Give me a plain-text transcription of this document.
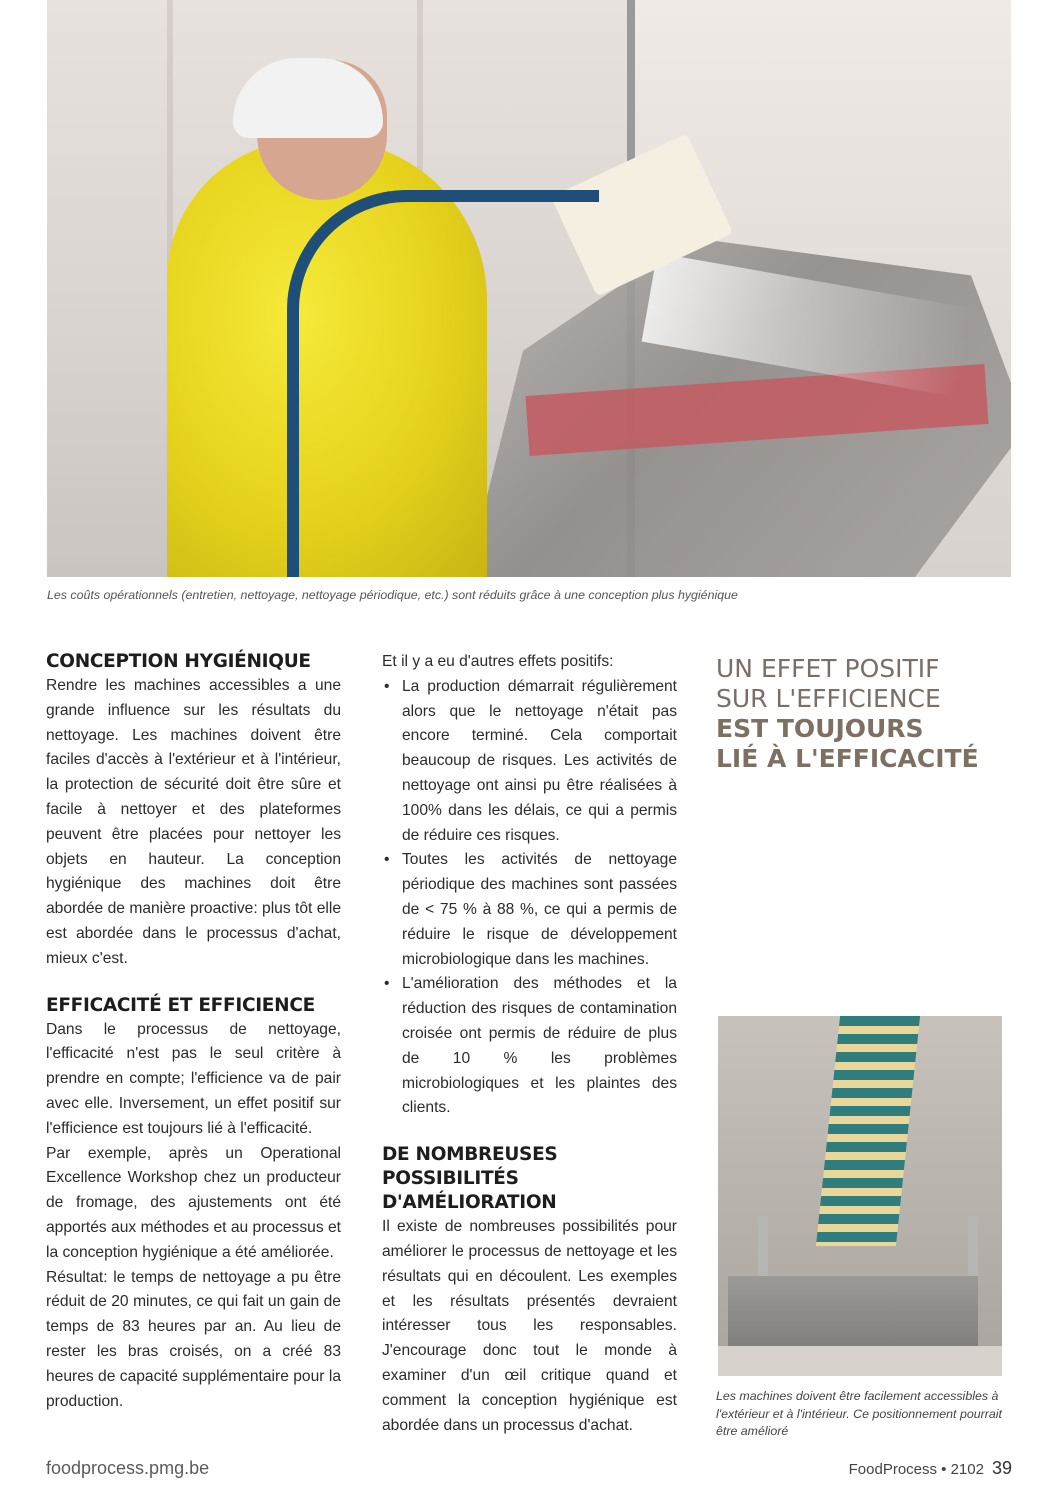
Les coûts opérationnels (entretien, nettoyage, nettoyage périodique, etc.) sont réduits grâce à une conception plus hygiénique
CONCEPTION HYGIÉNIQUE

Rendre les machines accessibles a une grande influence sur les résultats du nettoyage. Les machines doivent être faciles d'accès à l'extérieur et à l'intérieur, la protection de sécurité doit être sûre et facile à nettoyer et des plateformes peuvent être placées pour nettoyer les objets en hauteur. La conception hygiénique des machines doit être abordée de manière proactive: plus tôt elle est abordée dans le processus d'achat, mieux c'est.

EFFICACITÉ ET EFFICIENCE

Dans le processus de nettoyage, l'efficacité n'est pas le seul critère à prendre en compte; l'efficience va de pair avec elle. Inversement, un effet positif sur l'efficience est toujours lié à l'efficacité.

Par exemple, après un Operational Excellence Workshop chez un producteur de fromage, des ajustements ont été apportés aux méthodes et au processus et la conception hygiénique a été améliorée.

Résultat: le temps de nettoyage a pu être réduit de 20 minutes, ce qui fait un gain de temps de 83 heures par an. Au lieu de rester les bras croisés, on a créé 83 heures de capacité supplémentaire pour la production.

Et il y a eu d'autres effets positifs:

• La production démarrait régulièrement alors que le nettoyage n'était pas encore terminé. Cela comportait beaucoup de risques. Les activités de nettoyage ont ainsi pu être réalisées à 100% dans les délais, ce qui a permis de réduire ces risques.
• Toutes les activités de nettoyage périodique des machines sont passées de < 75 % à 88 %, ce qui a permis de réduire le risque de développement microbiologique dans les machines.
• L'amélioration des méthodes et la réduction des risques de contamination croisée ont permis de réduire de plus de 10 % les problèmes microbiologiques et les plaintes des clients.
DE NOMBREUSES POSSIBILITÉS D'AMÉLIORATION

Il existe de nombreuses possibilités pour améliorer le processus de nettoyage et les résultats qui en découlent. Les exemples et les résultats présentés devraient intéresser tous les responsables. J'encourage donc tout le monde à examiner d'un œil critique quand et comment la conception hygiénique est abordée dans un processus d'achat.

UN EFFET POSITIF
SUR L'EFFICIENCE
EST TOUJOURS
LIÉ À L'EFFICACITÉ
Les machines doivent être facilement accessibles à l'extérieur et à l'intérieur. Ce positionnement pourrait être amélioré
foodprocess.pmg.be	FoodProcess • 2102 39
